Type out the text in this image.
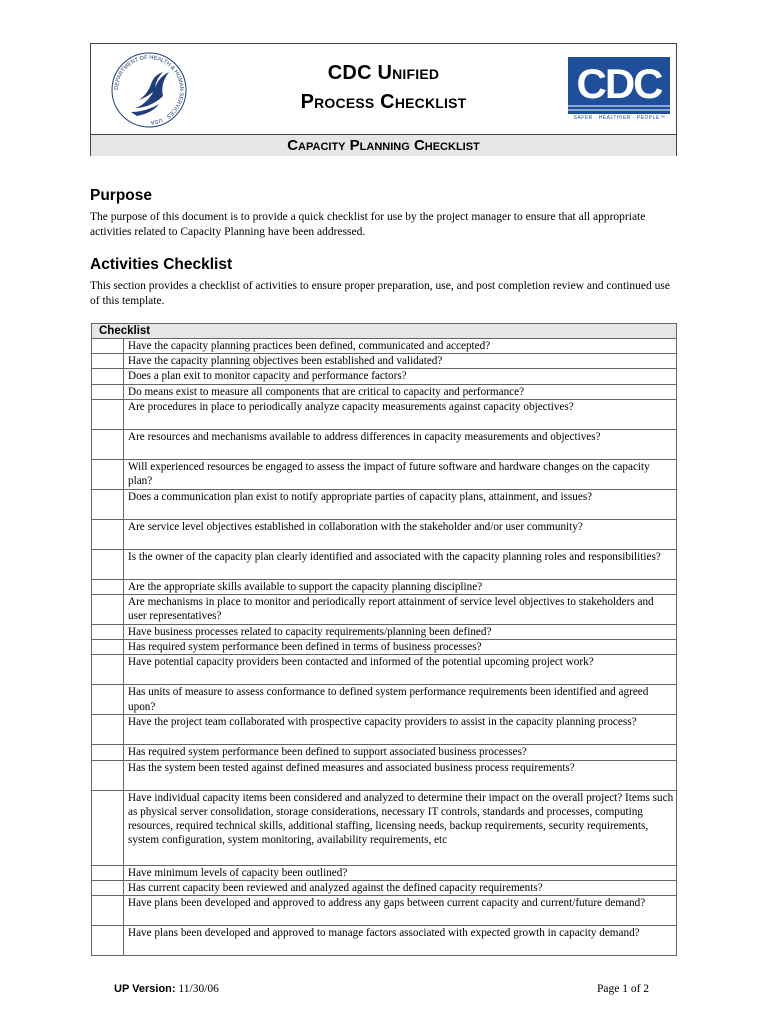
DEPARTMENT OF HEALTH & HUMAN SERVICES · USA
CDC Unified
Process Checklist	CDC
SAFER · HEALTHIER · PEOPLE™
Capacity Planning Checklist
Purpose
The purpose of this document is to provide a quick checklist for use by the project manager to ensure that all appropriate activities related to Capacity Planning have been addressed.
Activities Checklist
This section provides a checklist of activities to ensure proper preparation, use, and post completion review and continued use of this template.
Checklist	
	Have the capacity planning practices been defined, communicated and accepted?
	Have the capacity planning objectives been established and validated?
	Does a plan exit to monitor capacity and performance factors?
	Do means exist to measure all components that are critical to capacity and performance?
	Are procedures in place to periodically analyze capacity measurements against capacity objectives?
	Are resources and mechanisms available to address differences in capacity measurements and objectives?
	Will experienced resources be engaged to assess the impact of future software and hardware changes on the capacity plan?
	Does a communication plan exist to notify appropriate parties of capacity plans, attainment, and issues?
	Are service level objectives established in collaboration with the stakeholder and/or user community?
	Is the owner of the capacity plan clearly identified and associated with the capacity planning roles and responsibilities?
	Are the appropriate skills available to support the capacity planning discipline?
	Are mechanisms in place to monitor and periodically report attainment of service level objectives to stakeholders and user representatives?
	Have business processes related to capacity requirements/planning been defined?
	Has required system performance been defined in terms of business processes?
	Have potential capacity providers been contacted and informed of the potential upcoming project work?
	Has units of measure to assess conformance to defined system performance requirements been identified and agreed upon?
	Have the project team collaborated with prospective capacity providers to assist in the capacity planning process?
	Has required system performance been defined to support associated business processes?
	Has the system been tested against defined measures and associated business process requirements?
	Have individual capacity items been considered and analyzed to determine their impact on the overall project? Items such as physical server consolidation, storage considerations, necessary IT controls, standards and processes, computing resources, required technical skills, additional staffing, licensing needs, backup requirements, security requirements, system configuration, system monitoring, availability requirements, etc
	Have minimum levels of capacity been outlined?
	Has current capacity been reviewed and analyzed against the defined capacity requirements?
	Have plans been developed and approved to address any gaps between current capacity and current/future demand?
	Have plans been developed and approved to manage factors associated with expected growth in capacity demand?
UP Version: 11/30/06	Page 1 of 2
